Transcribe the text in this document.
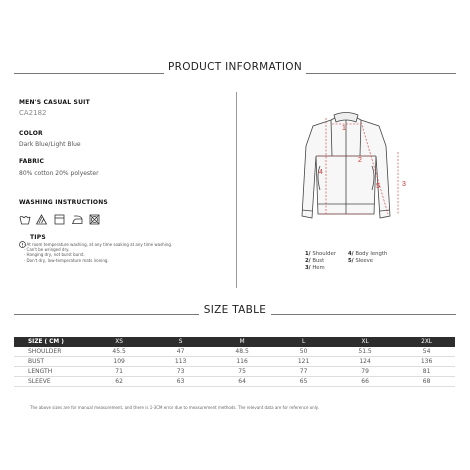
PRODUCT INFORMATION
MEN'S CASUAL SUIT
CA2182
COLOR
Dark Blue/Light Blue
FABRIC
80% cotton 20% polyester
WASHING INSTRUCTIONS
TIPS
· At room temperature washing, at any time soaking at any time washing.
· Can't be wringed dry.
· Hanging dry, not burst burst.
· Don't dry, low-temperature mats ironing.
1
2
3
4
5
1/ Shoulder	4/ Body length
2/ Bust	5/ Sleeve
3/ Hem
SIZE TABLE
SIZE ( CM )	XS	S	M	L	XL	2XL
SHOULDER	45.5	47	48.5	50	51.5	54
BUST	109	113	116	121	124	136
LENGTH	71	73	75	77	79	81
SLEEVE	62	63	64	65	66	68
The above sizes are for manual measurement, and there is 1-3CM error due to measurement methods. The relevant data are for reference only.
